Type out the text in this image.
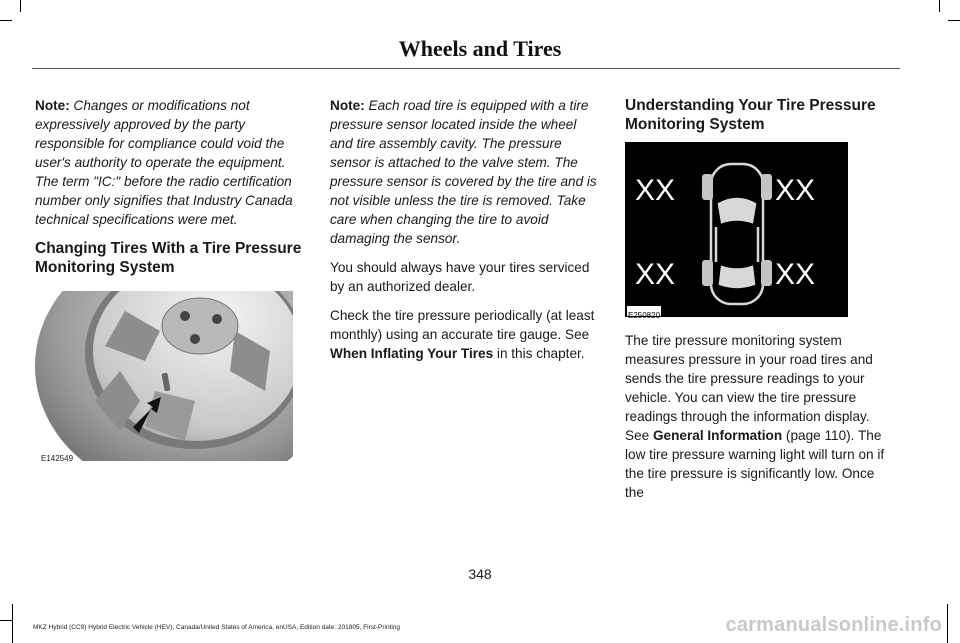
Wheels and Tires

Note: Changes or modifications not expressively approved by the party responsible for compliance could void the user's authority to operate the equipment. The term "IC:" before the radio certification number only signifies that Industry Canada technical specifications were met.

Changing Tires With a Tire Pressure Monitoring System
E142549

Note: Each road tire is equipped with a tire pressure sensor located inside the wheel and tire assembly cavity. The pressure sensor is attached to the valve stem. The pressure sensor is covered by the tire and is not visible unless the tire is removed. Take care when changing the tire to avoid damaging the sensor.

You should always have your tires serviced by an authorized dealer.

Check the tire pressure periodically (at least monthly) using an accurate tire gauge. See When Inflating Your Tires in this chapter.

Understanding Your Tire Pressure Monitoring System
XX	XX
XX	XX
E250820

The tire pressure monitoring system measures pressure in your road tires and sends the tire pressure readings to your vehicle. You can view the tire pressure readings through the information display. See General Information (page 110). The low tire pressure warning light will turn on if the tire pressure is significantly low. Once the

348
MKZ Hybrid (CC9) Hybrid Electric Vehicle (HEV), Canada/United States of America, enUSA, Edition date: 201805, First-Printing	carmanualsonline.info
